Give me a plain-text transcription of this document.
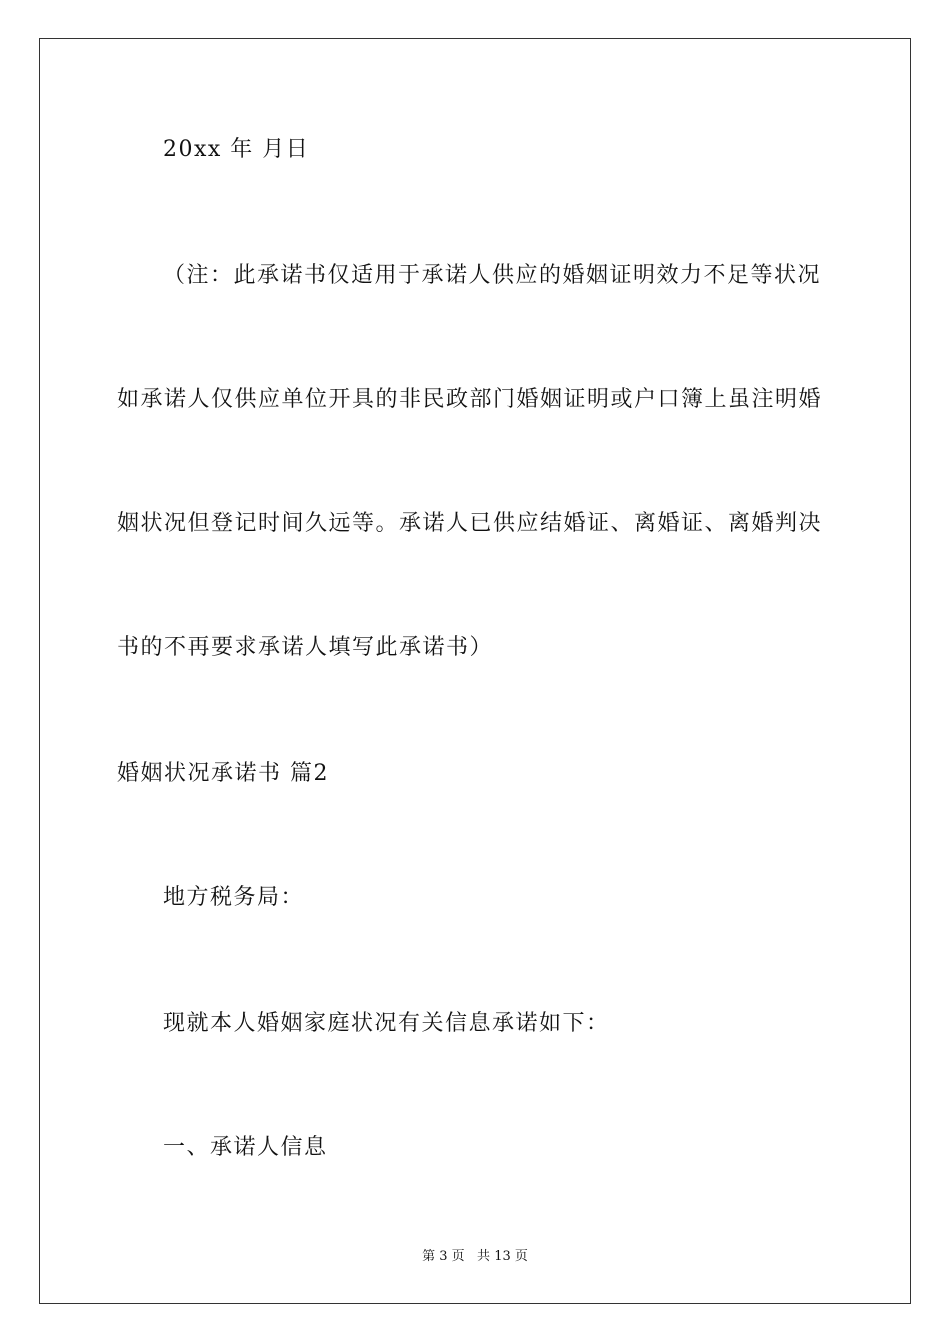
20xx 年 月日
（注：此承诺书仅适用于承诺人供应的婚姻证明效力不足等状况
如承诺人仅供应单位开具的非民政部门婚姻证明或户口簿上虽注明婚
姻状况但登记时间久远等。承诺人已供应结婚证、离婚证、离婚判决
书的不再要求承诺人填写此承诺书）
婚姻状况承诺书 篇2
地方税务局：
现就本人婚姻家庭状况有关信息承诺如下：
一、承诺人信息
第 3 页   共 13 页
